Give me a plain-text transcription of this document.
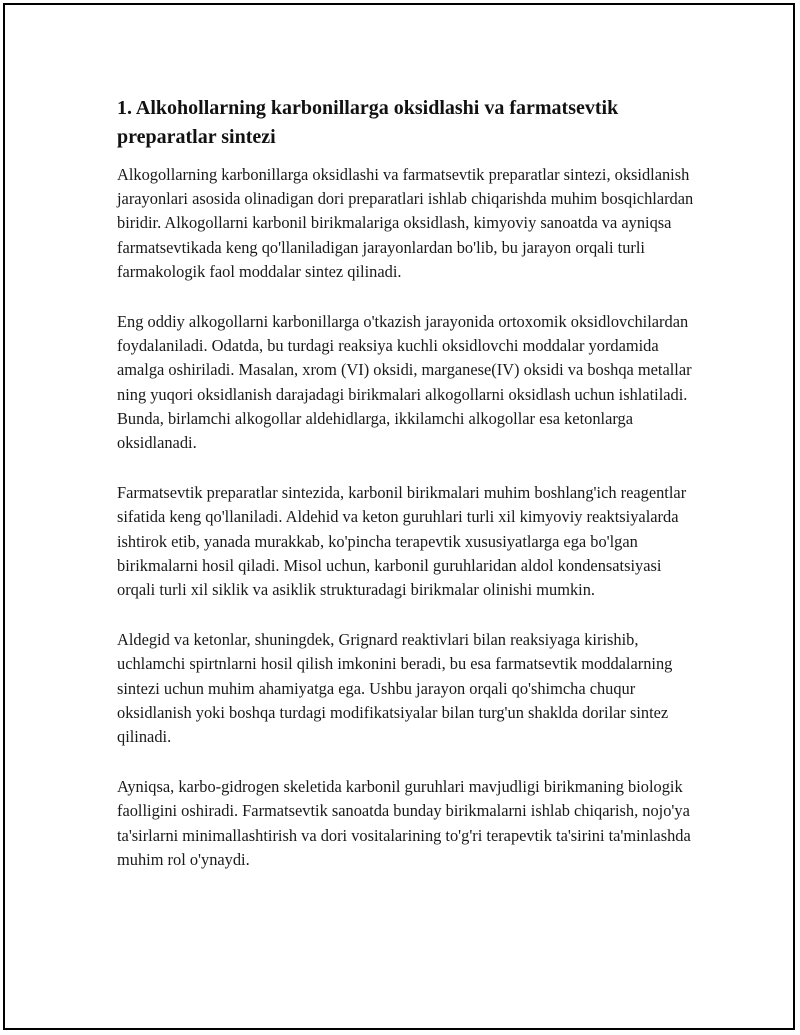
1. Alkohollarning karbonillarga oksidlashi va farmatsevtik preparatlar sintezi

Alkogollarning karbonillarga oksidlashi va farmatsevtik preparatlar sintezi, oksidlanish jarayonlari asosida olinadigan dori preparatlari ishlab chiqarishda muhim bosqichlardan biridir. Alkogollarni karbonil birikmalariga oksidlash, kimyoviy sanoatda va ayniqsa farmatsevtikada keng qo'llaniladigan jarayonlardan bo'lib, bu jarayon orqali turli farmakologik faol moddalar sintez qilinadi.

Eng oddiy alkogollarni karbonillarga o'tkazish jarayonida ortoxomik oksidlovchilardan foydalaniladi. Odatda, bu turdagi reaksiya kuchli oksidlovchi moddalar yordamida amalga oshiriladi. Masalan, xrom (VI) oksidi, marganese(IV) oksidi va boshqa metallar ning yuqori oksidlanish darajadagi birikmalari alkogollarni oksidlash uchun ishlatiladi. Bunda, birlamchi alkogollar aldehidlarga, ikkilamchi alkogollar esa ketonlarga oksidlanadi.

Farmatsevtik preparatlar sintezida, karbonil birikmalari muhim boshlang'ich reagentlar sifatida keng qo'llaniladi. Aldehid va keton guruhlari turli xil kimyoviy reaktsiyalarda ishtirok etib, yanada murakkab, ko'pincha terapevtik xususiyatlarga ega bo'lgan birikmalarni hosil qiladi. Misol uchun, karbonil guruhlaridan aldol kondensatsiyasi orqali turli xil siklik va asiklik strukturadagi birikmalar olinishi mumkin.

Aldegid va ketonlar, shuningdek, Grignard reaktivlari bilan reaksiyaga kirishib, uchlamchi spirtnlarni hosil qilish imkonini beradi, bu esa farmatsevtik moddalarning sintezi uchun muhim ahamiyatga ega. Ushbu jarayon orqali qo'shimcha chuqur oksidlanish yoki boshqa turdagi modifikatsiyalar bilan turg'un shaklda dorilar sintez qilinadi.

Ayniqsa, karbo-gidrogen skeletida karbonil guruhlari mavjudligi birikmaning biologik faolligini oshiradi. Farmatsevtik sanoatda bunday birikmalarni ishlab chiqarish, nojo'ya ta'sirlarni minimallashtirish va dori vositalarining to'g'ri terapevtik ta'sirini ta'minlashda muhim rol o'ynaydi.
